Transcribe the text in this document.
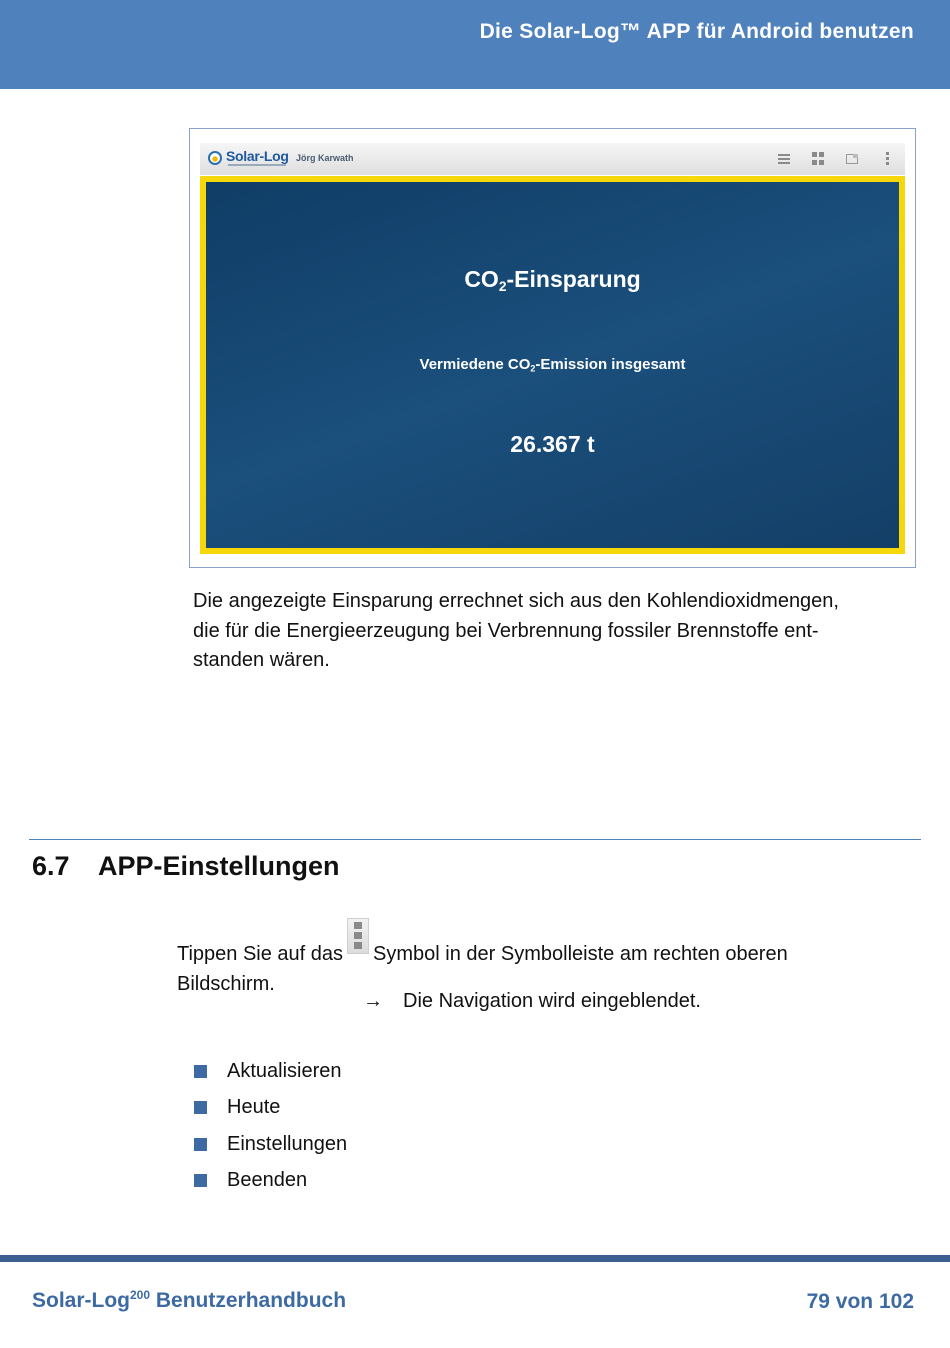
Die Solar-Log™ APP für Android benutzen
Solar-Log Jörg Karwath
$CO_2$-Einsparung
Vermiedene $CO_2$-Emission insgesamt
26.367 t
Die angezeigte Einsparung errechnet sich aus den Kohlendioxidmengen,
die für die Energieerzeugung bei Verbrennung fossiler Brennstoffe ent-
standen wären.
6.7 APP-Einstellungen
Tippen Sie auf das Symbol in der Symbolleiste am rechten oberen
Bildschirm.
→ Die Navigation wird eingeblendet.
Aktualisieren
Heute
Einstellungen
Beenden
Solar-Log$^{200}$ Benutzerhandbuch	79 von 102
